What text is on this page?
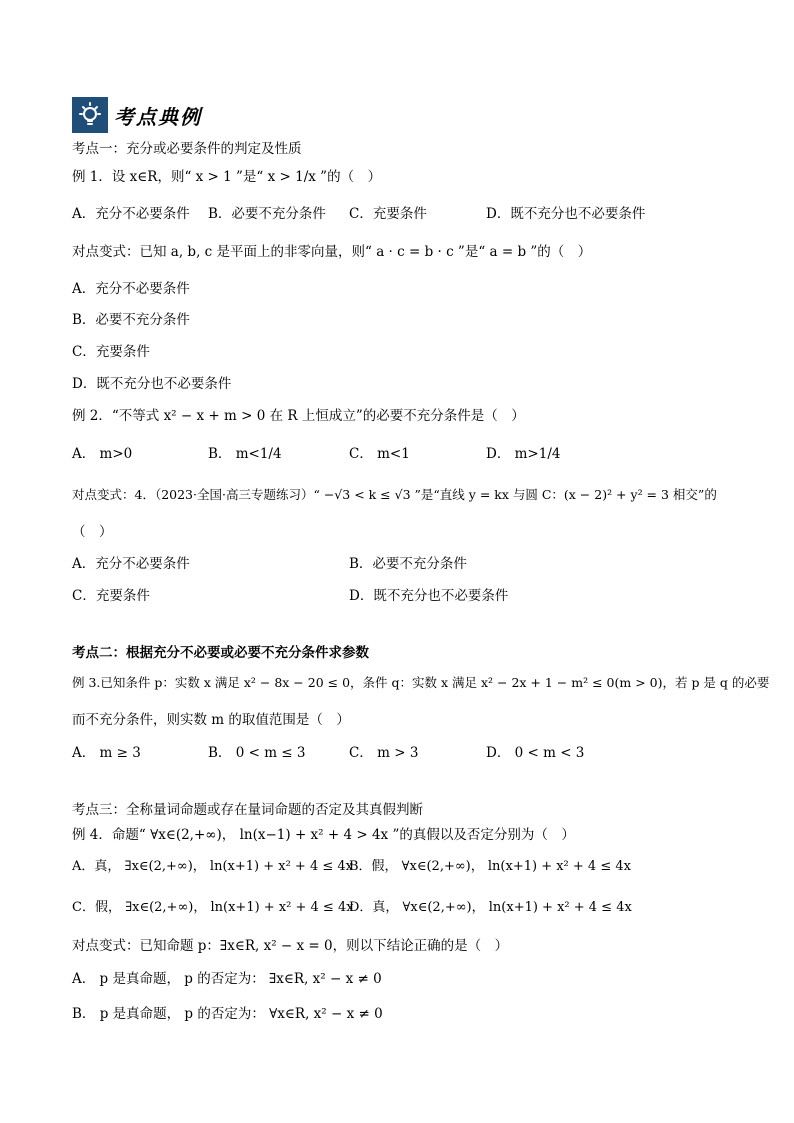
考点典例
考点一：充分或必要条件的判定及性质
例 1．设 x∈R，则“ x > 1 ”是“ x > 1/x ”的（　）
A．充分不必要条件 B．必要不充分条件 C．充要条件	D．既不充分也不必要条件
对点变式：已知 a, b, c 是平面上的非零向量，则“ a · c = b · c ”是“ a = b ”的（　）
A．充分不必要条件
B．必要不充分条件
C．充要条件
D．既不充分也不必要条件
例 2．“不等式 x² − x + m > 0 在 R 上恒成立”的必要不充分条件是（　）
A． m>0	B． m<1/4	C． m<1	D． m>1/4
对点变式：4．（2023·全国·高三专题练习）“ −√3 < k ≤ √3 ”是“直线 y = kx 与圆 C：(x − 2)² + y² = 3 相交”的
（　）
A．充分不必要条件	B．必要不充分条件
C．充要条件	D．既不充分也不必要条件
考点二：根据充分不必要或必要不充分条件求参数
例 3.已知条件 p：实数 x 满足 x² − 8x − 20 ≤ 0，条件 q：实数 x 满足 x² − 2x + 1 − m² ≤ 0(m > 0)，若 p 是 q 的必要
而不充分条件，则实数 m 的取值范围是（　）
A． m ≥ 3	B． 0 < m ≤ 3	C． m > 3	D． 0 < m < 3
考点三：全称量词命题或存在量词命题的否定及其真假判断
例 4．命题“ ∀x∈(2,+∞)， ln(x−1) + x² + 4 > 4x ”的真假以及否定分别为（　）
A．真， ∃x∈(2,+∞)， ln(x+1) + x² + 4 ≤ 4x
B．假， ∀x∈(2,+∞)， ln(x+1) + x² + 4 ≤ 4x
C．假， ∃x∈(2,+∞)， ln(x+1) + x² + 4 ≤ 4x
D．真， ∀x∈(2,+∞)， ln(x+1) + x² + 4 ≤ 4x
对点变式：已知命题 p：∃x∈R, x² − x = 0，则以下结论正确的是（　）
A． p 是真命题， p 的否定为： ∃x∈R, x² − x ≠ 0
B． p 是真命题， p 的否定为： ∀x∈R, x² − x ≠ 0
